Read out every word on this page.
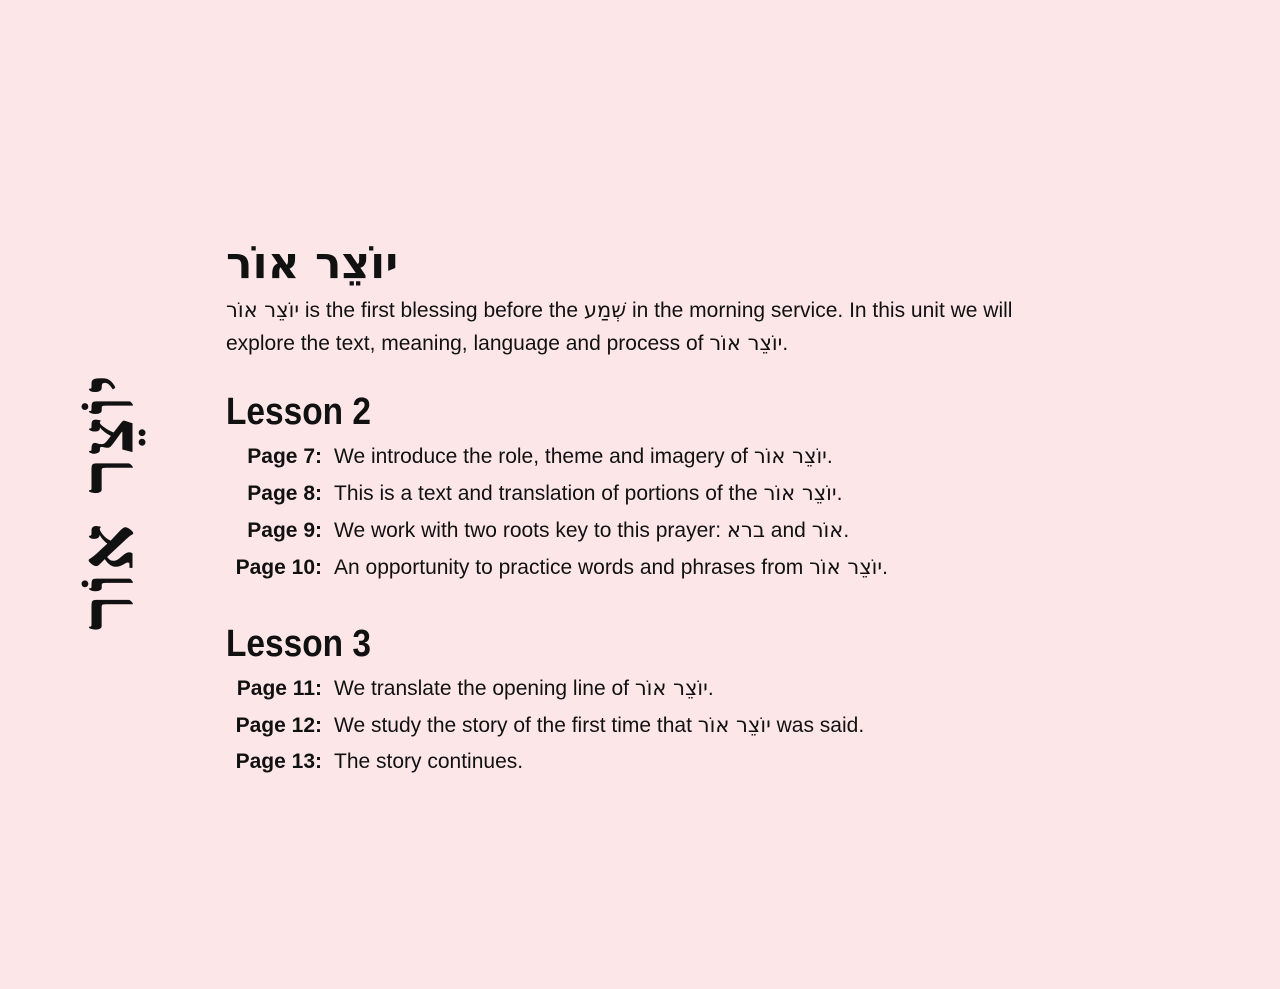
יוֹצֵר אוֹר
יוֹצֵר אוֹר

יוֹצֵר אוֹר is the first blessing before the שְׁמַע in the morning service. In this unit we will explore the text, meaning, language and process of יוֹצֵר אוֹר.

Lesson 2
Page 7: We introduce the role, theme and imagery of יוֹצֵר אוֹר.
Page 8: This is a text and translation of portions of the יוֹצֵר אוֹר.
Page 9: We work with two roots key to this prayer: ברא and אוֹר.
Page 10: An opportunity to practice words and phrases from יוֹצֵר אוֹר.
Lesson 3
Page 11: We translate the opening line of יוֹצֵר אוֹר.
Page 12: We study the story of the first time that יוֹצֵר אוֹר was said.
Page 13: The story continues.
